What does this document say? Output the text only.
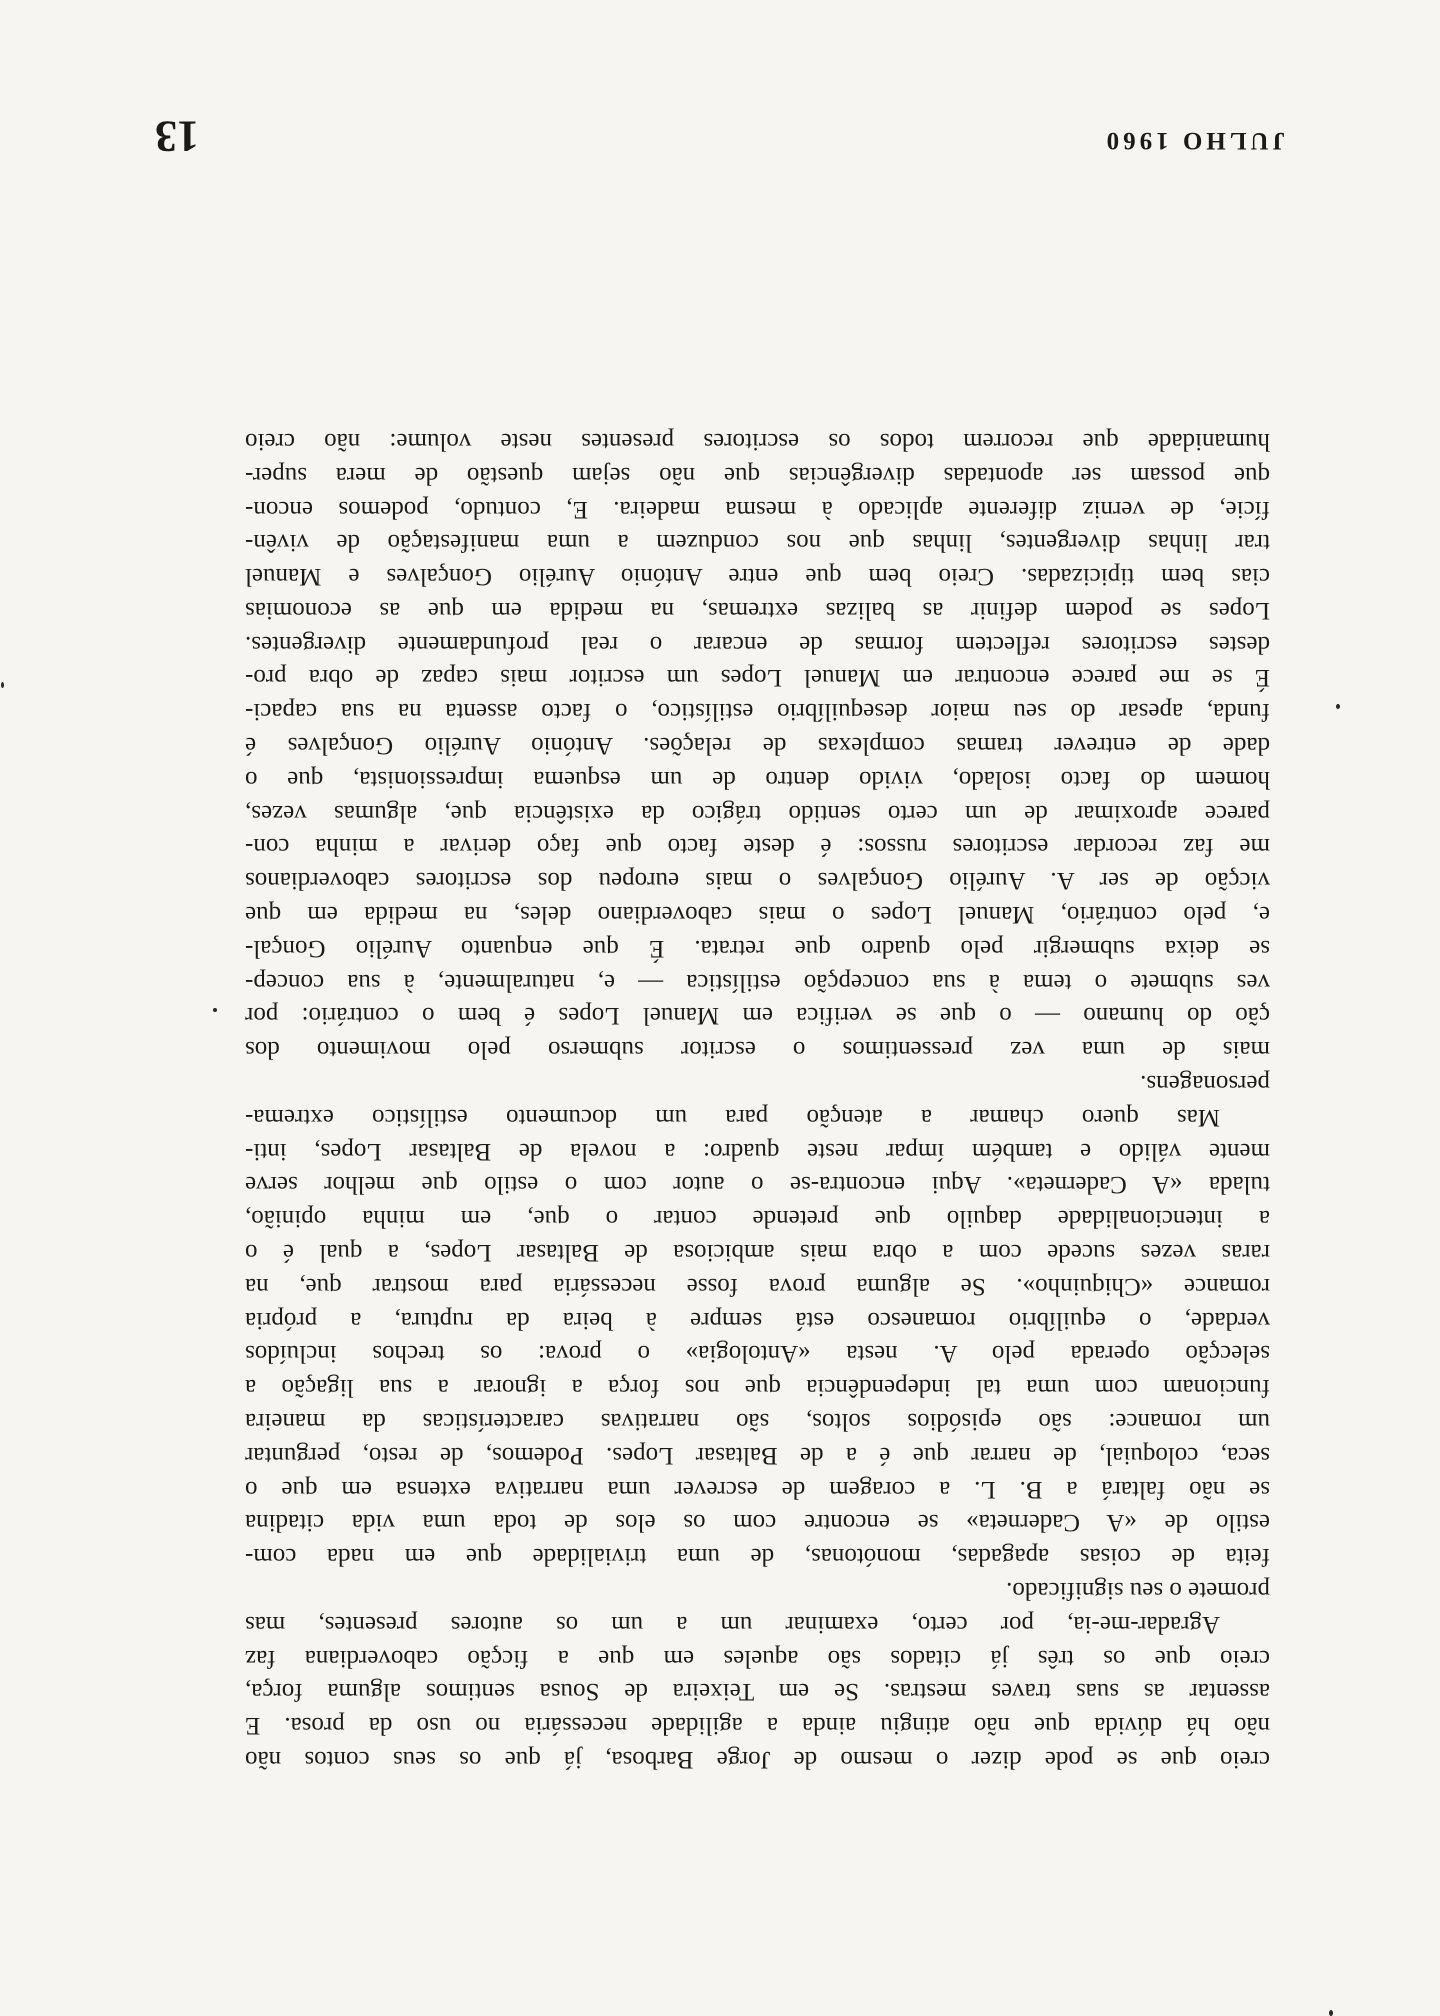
JULHO 1960
13

creio que se pode dizer o mesmo de Jorge Barbosa, já que os seus contos não
não há dúvida que não atingiu ainda a agilidade necessária no uso da prosa. E
assentar as suas traves mestras. Se em Teixeira de Sousa sentimos alguma força,
creio que os três já citados são aqueles em que a ficção caboverdiana faz
Agradar-me-ia, por certo, examinar um a um os autores presentes, mas

promete o seu significado.
feita de coisas apagadas, monótonas, de uma trivialidade que em nada com-
estilo de «A Caderneta» se encontre com os elos de toda uma vida citadina
se não faltará a B. L. a coragem de escrever uma narrativa extensa em que o
seca, coloquial, de narrar que é a de Baltasar Lopes. Podemos, de resto, perguntar
um romance: são episódios soltos, são narrativas características da maneira
funcionam com uma tal independência que nos força a ignorar a sua ligação a
selecção operada pelo A. nesta «Antologia» o prova: os trechos incluídos
verdade, o equilíbrio romanesco está sempre à beira da ruptura, a própria
romance «Chiquinho». Se alguma prova fosse necessária para mostrar que, na
raras vezes sucede com a obra mais ambiciosa de Baltasar Lopes, a qual é o
a intencionalidade daquilo que pretende contar o que, em minha opinião,
tulada «A Caderneta». Aqui encontra-se o autor com o estilo que melhor serve
mente válido e também ímpar neste quadro: a novela de Baltasar Lopes, inti-
Mas quero chamar a atenção para um documento estilístico extrema-

personagens.
mais de uma vez pressentimos o escritor submerso pelo movimento dos
ção do humano — o que se verifica em Manuel Lopes é bem o contrário: por
ves submete o tema à sua concepção estilística — e, naturalmente, à sua concep-
se deixa submergir pelo quadro que retrata. É que enquanto Aurélio Gonçal-
e, pelo contrário, Manuel Lopes o mais caboverdiano deles, na medida em que
vicção de ser A. Aurélio Gonçalves o mais europeu dos escritores caboverdianos
me faz recordar escritores russos: é deste facto que faço derivar a minha con-
parece aproximar de um certo sentido trágico da existência que, algumas vezes,
homem do facto isolado, vivido dentro de um esquema impressionista, que o
dade de entrever tramas complexas de relações. António Aurélio Gonçalves é
funda, apesar do seu maior desequilíbrio estilístico, o facto assenta na sua capaci-
É se me parece encontrar em Manuel Lopes um escritor mais capaz de obra pro-
destes escritores reflectem formas de encarar o real profundamente divergentes.
Lopes se podem definir as balizas extremas, na medida em que as economias
cias bem tipicizadas. Creio bem que entre António Aurélio Gonçalves e Manuel
trar linhas divergentes, linhas que nos conduzem a uma manifestação de vivên-
fície, de verniz diferente aplicado à mesma madeira. E, contudo, podemos encon-
que possam ser apontadas divergências que não sejam questão de mera super-
humanidade que recorrem todos os escritores presentes neste volume: não creio
